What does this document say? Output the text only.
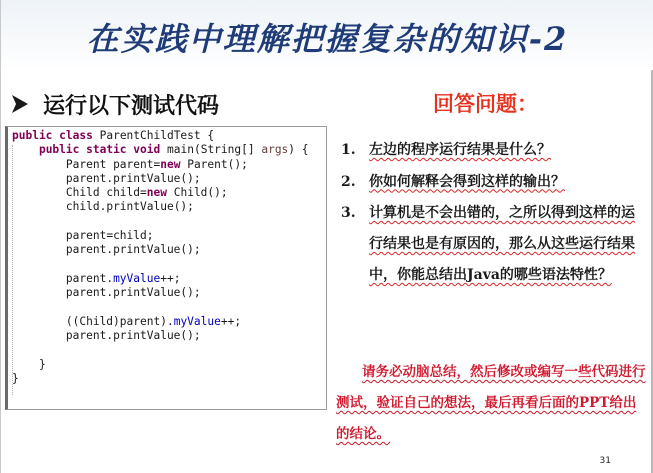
在实践中理解把握复杂的知识-2
运行以下测试代码	回答问题：
public class ParentChildTest {
public static void main(String[] args) {
Parent parent=new Parent();
parent.printValue();
Child child=new Child();
child.printValue();

parent=child;
parent.printValue();

parent.myValue++;
parent.printValue();

((Child)parent).myValue++;
parent.printValue();

}
}

1. 左边的程序运行结果是什么？
2. 你如何解释会得到这样的输出？
3. 计算机是不会出错的，之所以得到这样的运行结果也是有原因的，那么从这些运行结果中，你能总结出Java的哪些语法特性？
请务必动脑总结，然后修改或编写一些代码进行测试，验证自己的想法，最后再看后面的PPT给出的结论。
31
